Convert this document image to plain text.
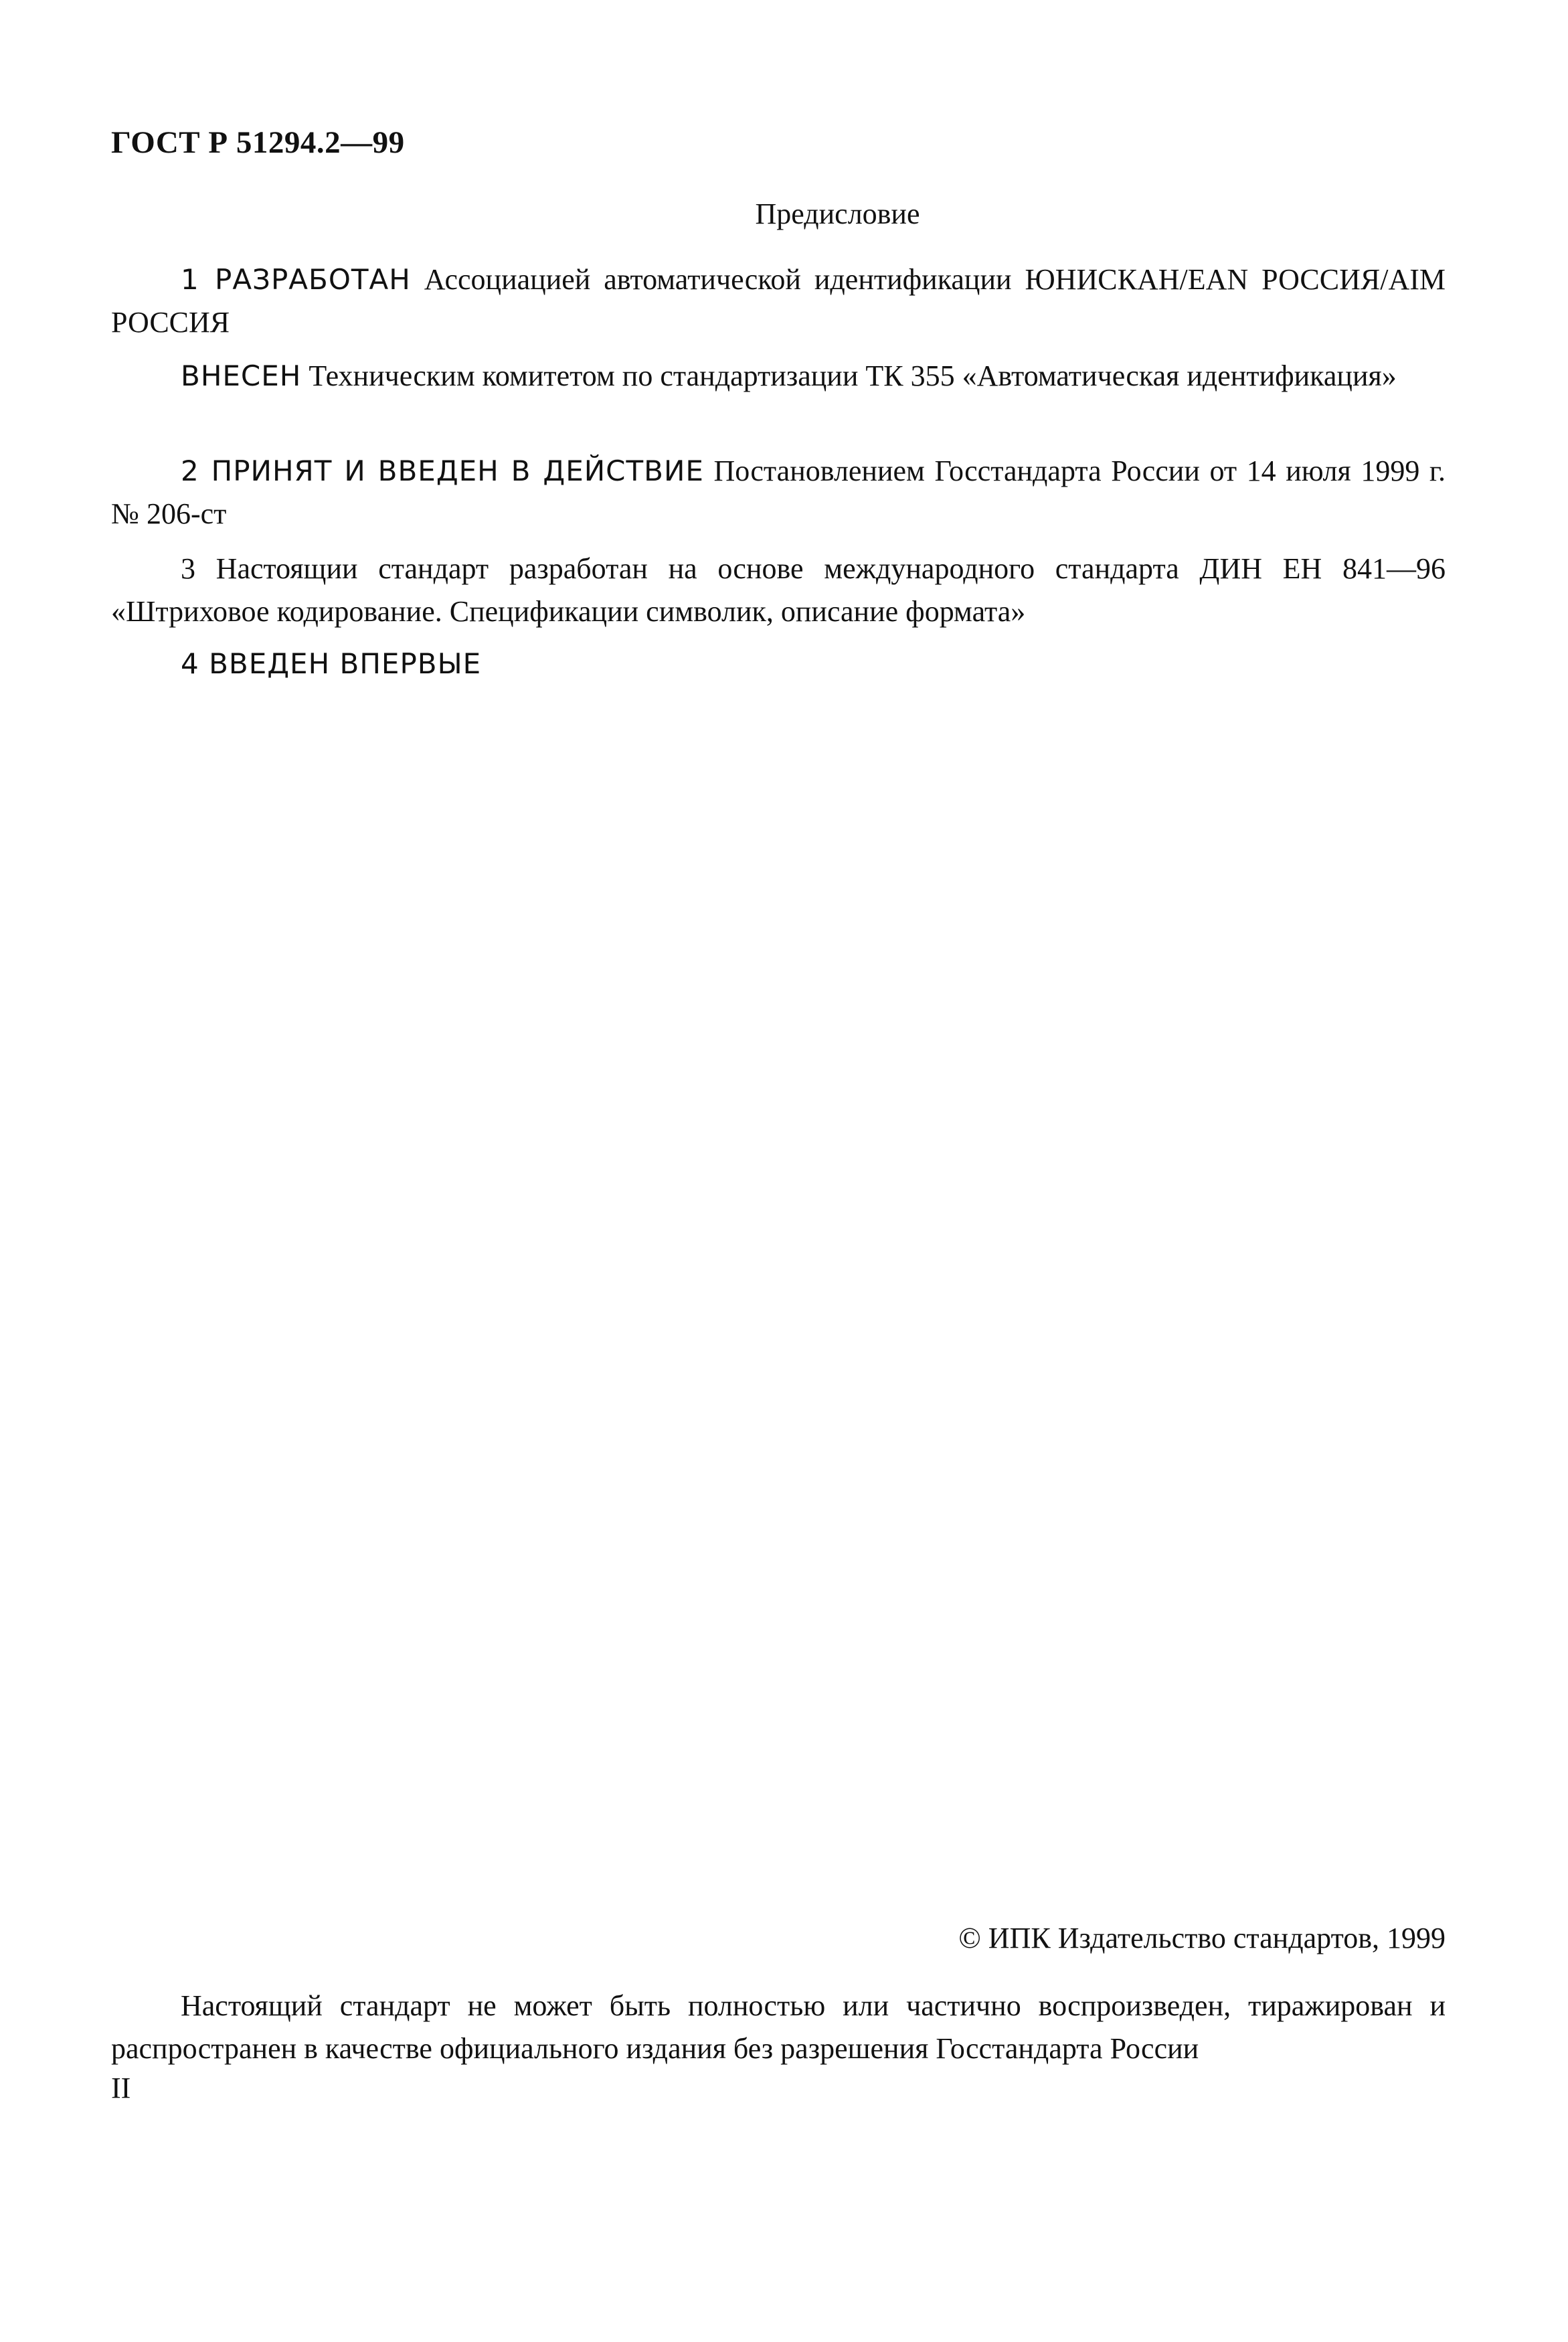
ГОСТ Р 51294.2—99
Предисловие
1 РАЗРАБОТАН Ассоциацией автоматической идентификации ЮНИСКАН/EAN РОССИЯ/AIM РОССИЯ
ВНЕСЕН Техническим комитетом по стандартизации ТК 355 «Автоматическая идентификация»
2 ПРИНЯТ И ВВЕДЕН В ДЕЙСТВИЕ Постановлением Госстандарта России от 14 июля 1999 г. № 206-ст
3 Настоящии стандарт разработан на основе международного стандарта ДИН ЕН 841—96 «Штриховое кодирование. Спецификации символик, описание формата»
4 ВВЕДЕН ВПЕРВЫЕ
© ИПК Издательство стандартов, 1999
Настоящий стандарт не может быть полностью или частично воспроизведен, тиражирован и распространен в качестве официального издания без разрешения Госстандарта России
II
